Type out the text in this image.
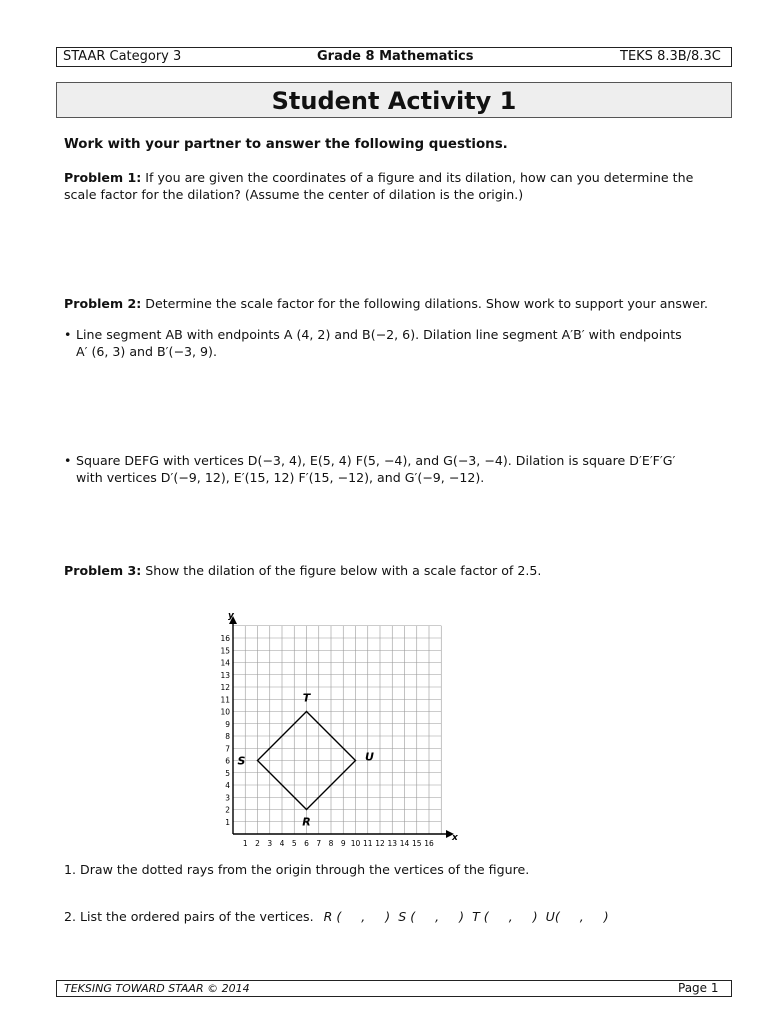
STAAR Category 3	Grade 8 Mathematics	TEKS 8.3B/8.3C
Student Activity 1
Work with your partner to answer the following questions.
Problem 1: If you are given the coordinates of a figure and its dilation, how can you determine the
scale factor for the dilation? (Assume the center of dilation is the origin.)
Problem 2: Determine the scale factor for the following dilations. Show work to support your answer.
• Line segment AB with endpoints A (4, 2) and B(−2, 6). Dilation line segment A′B′ with endpoints
A′ (6, 3) and B′(−3, 9).
• Square DEFG with vertices D(−3, 4), E(5, 4) F(5, −4), and G(−3, −4). Dilation is square D′E′F′G′
with vertices D′(−9, 12), E′(15, 12) F′(15, −12), and G′(−9, −12).
Problem 3: Show the dilation of the figure below with a scale factor of 2.5.
x
y
1 2 3 4 5 6 7 8 9 10 11 12 13 14 15 16
1
2
3
4
5
6
7
8
9
10
11
12
13
14
15
16
R
S
T
U
1. Draw the dotted rays from the origin through the vertices of the figure.
2. List the ordered pairs of the vertices. R (     ,     )  S (     ,     )  T (     ,     )  U(     ,     )
TEKSING TOWARD STAAR © 2014	Page 1
